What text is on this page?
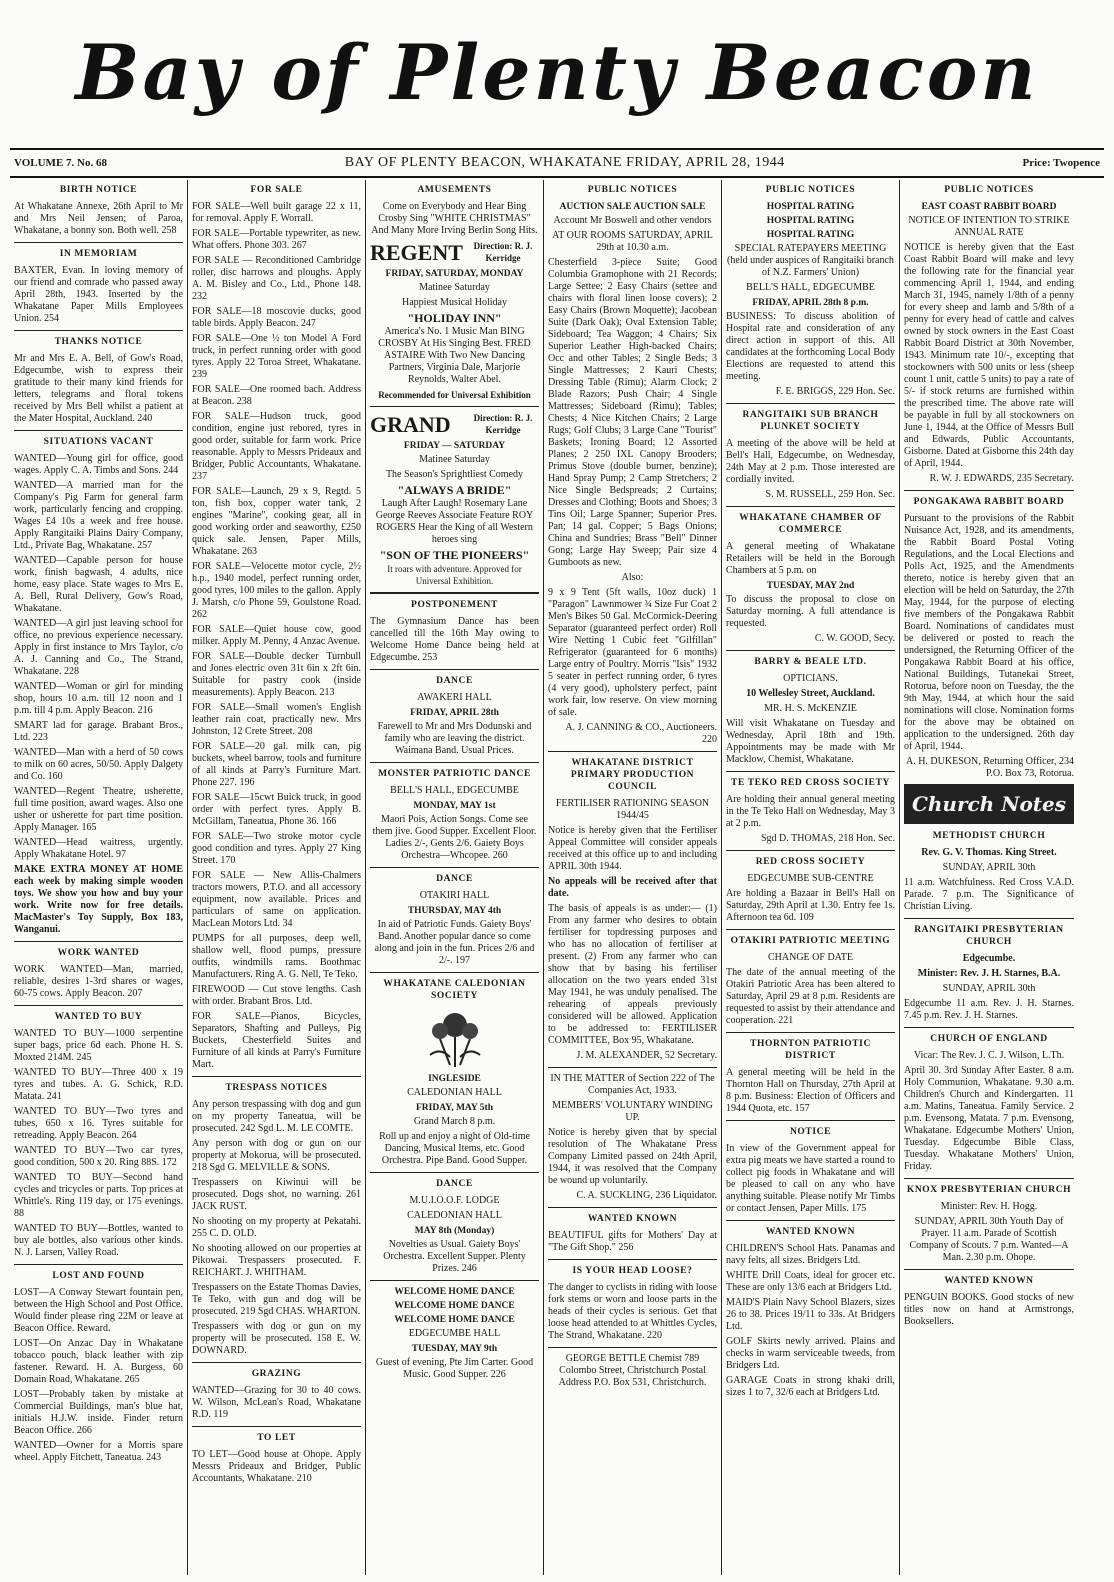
Bay of Plenty Beacon
VOLUME 7. No. 68	BAY OF PLENTY BEACON, WHAKATANE FRIDAY, APRIL 28, 1944	Price: Twopence
BIRTH NOTICE

At Whakatane Annexe, 26th April to Mr and Mrs Neil Jensen; of Paroa, Whakatane, a bonny son. Both well. 258

IN MEMORIAM

BAXTER, Evan. In loving memory of our friend and comrade who passed away April 28th, 1943. Inserted by the Whakatane Paper Mills Employees Union. 254

THANKS NOTICE

Mr and Mrs E. A. Bell, of Gow's Road, Edgecumbe, wish to express their gratitude to their many kind friends for letters, telegrams and floral tokens received by Mrs Bell whilst a patient at the Mater Hospital, Auckland. 240

SITUATIONS VACANT

WANTED—Young girl for office, good wages. Apply C. A. Timbs and Sons. 244

WANTED—A married man for the Company's Pig Farm for general farm work, particularly fencing and cropping. Wages £4 10s a week and free house. Apply Rangitaiki Plains Dairy Company, Ltd., Private Bag, Whakatane. 257

WANTED—Capable person for house work, finish bagwash, 4 adults, nice home, easy place. State wages to Mrs E. A. Bell, Rural Delivery, Gow's Road, Whakatane.

WANTED—A girl just leaving school for office, no previous experience necessary. Apply in first instance to Mrs Taylor, c/o A. J. Canning and Co., The Strand, Whakatane. 228

WANTED—Woman or girl for minding shop, hours 10 a.m. till 12 noon and 1 p.m. till 4 p.m. Apply Beacon. 216

SMART lad for garage. Brabant Bros., Ltd. 223

WANTED—Man with a herd of 50 cows to milk on 60 acres, 50/50. Apply Dalgety and Co. 160

WANTED—Regent Theatre, usherette, full time position, award wages. Also one usher or usherette for part time position. Apply Manager. 165

WANTED—Head waitress, urgently. Apply Whakatane Hotel. 97

MAKE EXTRA MONEY AT HOME each week by making simple wooden toys. We show you how and buy your work. Write now for free details. MacMaster's Toy Supply, Box 183, Wanganui.

WORK WANTED

WORK WANTED—Man, married, reliable, desires 1-3rd shares or wages, 60-75 cows. Apply Beacon. 207

WANTED TO BUY

WANTED TO BUY—1000 serpentine super bags, price 6d each. Phone H. S. Moxted 214M. 245

WANTED TO BUY—Three 400 x 19 tyres and tubes. A. G. Schick, R.D. Matata. 241

WANTED TO BUY—Two tyres and tubes, 650 x 16. Tyres suitable for retreading. Apply Beacon. 264

WANTED TO BUY—Two car tyres, good condition, 500 x 20. Ring 88S. 172

WANTED TO BUY—Second hand cycles and tricycles or parts. Top prices at Whittle's. Ring 119 day, or 175 evenings. 88

WANTED TO BUY—Bottles, wanted to buy ale bottles, also various other kinds. N. J. Larsen, Valley Road.

LOST AND FOUND

LOST—A Conway Stewart fountain pen, between the High School and Post Office. Would finder please ring 22M or leave at Beacon Office. Reward.

LOST—On Anzac Day in Whakatane tobacco pouch, black leather with zip fastener. Reward. H. A. Burgess, 60 Domain Road, Whakatane. 265

LOST—Probably taken by mistake at Commercial Buildings, man's blue hat, initials H.J.W. inside. Finder return Beacon Office. 266

WANTED—Owner for a Morris spare wheel. Apply Fitchett, Taneatua. 243

FOR SALE

FOR SALE—Well built garage 22 x 11, for removal. Apply F. Worrall.

FOR SALE—Portable typewriter, as new. What offers. Phone 303. 267

FOR SALE — Reconditioned Cambridge roller, disc harrows and ploughs. Apply A. M. Bisley and Co., Ltd., Phone 148. 232

FOR SALE—18 moscovie ducks, good table birds. Apply Beacon. 247

FOR SALE—One ½ ton Model A Ford truck, in perfect running order with good tyres. Apply 22 Toroa Street, Whakatane. 239

FOR SALE—One roomed bach. Address at Beacon. 238

FOR SALE—Hudson truck, good condition, engine just rebored, tyres in good order, suitable for farm work. Price reasonable. Apply to Messrs Prideaux and Bridger, Public Accountants, Whakatane. 237

FOR SALE—Launch, 29 x 9, Regtd. 5 ton, fish box, copper water tank, 2 engines "Marine", cooking gear, all in good working order and seaworthy, £250 quick sale. Jensen, Paper Mills, Whakatane. 263

FOR SALE—Velocette motor cycle, 2½ h.p., 1940 model, perfect running order, good tyres, 100 miles to the gallon. Apply J. Marsh, c/o Phone 59, Goulstone Road. 262

FOR SALE—Quiet house cow, good milker. Apply M. Penny, 4 Anzac Avenue.

FOR SALE—Double decker Turnbull and Jones electric oven 31t 6in x 2ft 6in. Suitable for pastry cook (inside measurements). Apply Beacon. 213

FOR SALE—Small women's English leather rain coat, practically new. Mrs Johnston, 12 Crete Street. 208

FOR SALE—20 gal. milk can, pig buckets, wheel barrow, tools and furniture of all kinds at Parry's Furniture Mart. Phone 227. 196

FOR SALE—15cwt Buick truck, in good order with perfect tyres. Apply B. McGillam, Taneatua, Phone 36. 166

FOR SALE—Two stroke motor cycle good condition and tyres. Apply 27 King Street. 170

FOR SALE — New Allis-Chalmers tractors mowers, P.T.O. and all accessory equipment, now available. Prices and particulars of same on application. MacLean Motors Ltd. 34

PUMPS for all purposes, deep well, shallow well, flood pumps, pressure outfits, windmills rams. Boothmac Manufacturers. Ring A. G. Nell, Te Teko.

FIREWOOD — Cut stove lengths. Cash with order. Brabant Bros. Ltd.

FOR SALE—Pianos, Bicycles, Separators, Shafting and Pulleys, Pig Buckets, Chesterfield Suites and Furniture of all kinds at Parry's Furniture Mart.

TRESPASS NOTICES

Any person trespassing with dog and gun on my property Taneatua, will be prosecuted. 242 Sgd L. M. LE COMTE.

Any person with dog or gun on our property at Mokorua, will be prosecuted. 218 Sgd G. MELVILLE & SONS.

Trespassers on Kiwinui will be prosecuted. Dogs shot, no warning. 261 JACK RUST.

No shooting on my property at Pekatahi. 255 C. D. OLD.

No shooting allowed on our properties at Pikowai. Trespassers prosecuted. F. REICHART. J. WHITHAM.

Trespassers on the Estate Thomas Davies, Te Teko, with gun and dog will be prosecuted. 219 Sgd CHAS. WHARTON.

Trespassers with dog or gun on my property will be prosecuted. 158 E. W. DOWNARD.

GRAZING

WANTED—Grazing for 30 to 40 cows. W. Wilson, McLean's Road, Whakatane R.D. 119

TO LET

TO LET—Good house at Ohope. Apply Messrs Prideaux and Bridger, Public Accountants, Whakatane. 210

AMUSEMENTS

Come on Everybody and Hear Bing Crosby Sing "WHITE CHRISTMAS" And Many More Irving Berlin Song Hits.

REGENT	Direction: R. J. Kerridge
FRIDAY, SATURDAY, MONDAY

Matinee Saturday

Happiest Musical Holiday

"HOLIDAY INN"

America's No. 1 Music Man BING CROSBY At His Singing Best. FRED ASTAIRE With Two New Dancing Partners, Virginia Dale, Marjorie Reynolds, Walter Abel.

Recommended for Universal Exhibition

GRAND	Direction: R. J. Kerridge
FRIDAY — SATURDAY

Matinee Saturday

The Season's Sprightliest Comedy

"ALWAYS A BRIDE"

Laugh After Laugh! Rosemary Lane George Reeves Associate Feature ROY ROGERS Hear the King of all Western heroes sing

"SON OF THE PIONEERS"

It roars with adventure. Approved for Universal Exhibition.

POSTPONEMENT

The Gymnasium Dance has been cancelled till the 16th May owing to Welcome Home Dance being held at Edgecumbe. 253

DANCE

AWAKERI HALL

FRIDAY, APRIL 28th

Farewell to Mr and Mrs Dodunski and family who are leaving the district. Waimana Band. Usual Prices.

MONSTER PATRIOTIC DANCE

BELL'S HALL, EDGECUMBE

MONDAY, MAY 1st

Maori Pois, Action Songs. Come see them jive. Good Supper. Excellent Floor. Ladies 2/-, Gents 2/6. Gaiety Boys Orchestra—Whcopee. 260

DANCE

OTAKIRI HALL

THURSDAY, MAY 4th

In aid of Patriotic Funds. Gaiety Boys' Band. Another popular dance so come along and join in the fun. Prices 2/6 and 2/-. 197

WHAKATANE CALEDONIAN SOCIETY
INGLESIDE

CALEDONIAN HALL

FRIDAY, MAY 5th

Grand March 8 p.m.

Roll up and enjoy a night of Old-time Dancing, Musical Items, etc. Good Orchestra. Pipe Band. Good Supper.

DANCE

M.U.I.O.O.F. LODGE

CALEDONIAN HALL

MAY 8th (Monday)

Novelties as Usual. Gaiety Boys' Orchestra. Excellent Supper. Plenty Prizes. 246

WELCOME HOME DANCE
WELCOME HOME DANCE
WELCOME HOME DANCE

EDGECUMBE HALL

TUESDAY, MAY 9th

Guest of evening, Pte Jim Carter. Good Music. Good Supper. 226

PUBLIC NOTICES
AUCTION SALE AUCTION SALE

Account Mr Boswell and other vendors

AT OUR ROOMS SATURDAY, APRIL 29th at 10.30 a.m.

Chesterfield 3-piece Suite; Good Columbia Gramophone with 21 Records; Large Settee; 2 Easy Chairs (settee and chairs with floral linen loose covers); 2 Easy Chairs (Brown Moquette); Jacobean Suite (Dark Oak); Oval Extension Table; Sideboard; Tea Waggon; 4 Chairs; Six Superior Leather High-backed Chairs; Occ and other Tables; 2 Single Beds; 3 Single Mattresses; 2 Kauri Chests; Dressing Table (Rimu); Alarm Clock; 2 Blade Razors; Push Chair; 4 Single Mattresses; Sideboard (Rimu); Tables; Chests; 4 Nice Kitchen Chairs; 2 Large Rugs; Golf Clubs; 3 Large Cane "Tourist" Baskets; Ironing Board; 12 Assorted Planes; 2 250 IXL Canopy Brooders; Primus Stove (double burner, benzine); Hand Spray Pump; 2 Camp Stretchers; 2 Nice Single Bedspreads; 2 Curtains; Dresses and Clothing; Boots and Shoes; 3 Tins Oil; Large Spanner; Superior Pres. Pan; 14 gal. Copper; 5 Bags Onions; China and Sundries; Brass "Bell" Dinner Gong; Large Hay Sweep; Pair size 4 Gumboots as new.

Also:

9 x 9 Tent (5ft walls, 10oz duck) 1 "Paragon" Lawnmower ¾ Size Fur Coat 2 Men's Bikes 50 Gal. McCormick-Deering Separator (guaranteed perfect order) Roll Wire Netting 1 Cubic feet "Gilfillan" Refrigerator (guaranteed for 6 months) Large entry of Poultry. Morris "Isis" 1932 5 seater in perfect running order, 6 tyres (4 very good), upholstery perfect, paint work fair, low reserve. On view morning of sale.

A. J. CANNING & CO., Auctioneers. 220

WHAKATANE DISTRICT PRIMARY PRODUCTION COUNCIL

FERTILISER RATIONING SEASON 1944/45

Notice is hereby given that the Fertiliser Appeal Committee will consider appeals received at this office up to and including APRIL 30th 1944.

No appeals will be received after that date.

The basis of appeals is as under:— (1) From any farmer who desires to obtain fertiliser for topdressing purposes and who has no allocation of fertiliser at present. (2) From any farmer who can show that by basing his fertiliser allocation on the two years ended 31st May 1941, he was unduly penalised. The rehearing of appeals previously considered will be allowed. Application to be addressed to: FERTILISER COMMITTEE, Box 95, Whakatane.

J. M. ALEXANDER, 52 Secretary.

IN THE MATTER of Section 222 of The Companies Act, 1933.

MEMBERS' VOLUNTARY WINDING UP.

Notice is hereby given that by special resolution of The Whakatane Press Company Limited passed on 24th April, 1944, it was resolved that the Company be wound up voluntarily.

C. A. SUCKLING, 236 Liquidator.

WANTED KNOWN

BEAUTIFUL gifts for Mothers' Day at "The Gift Shop." 256

IS YOUR HEAD LOOSE?

The danger to cyclists in riding with loose fork stems or worn and loose parts in the heads of their cycles is serious. Get that loose head attended to at Whittles Cycles, The Strand, Whakatane. 220

GEORGE BETTLE Chemist 789 Colombo Street, Christchurch Postal Address P.O. Box 531, Christchurch.

PUBLIC NOTICES
HOSPITAL RATING
HOSPITAL RATING
HOSPITAL RATING

SPECIAL RATEPAYERS MEETING (held under auspices of Rangitaiki branch of N.Z. Farmers' Union)

BELL'S HALL, EDGECUMBE

FRIDAY, APRIL 28th 8 p.m.

BUSINESS: To discuss abolition of Hospital rate and consideration of any direct action in support of this. All candidates at the forthcoming Local Body Elections are requested to attend this meeting.

F. E. BRIGGS, 229 Hon. Sec.

RANGITAIKI SUB BRANCH PLUNKET SOCIETY

A meeting of the above will be held at Bell's Hall, Edgecumbe, on Wednesday, 24th May at 2 p.m. Those interested are cordially invited.

S. M. RUSSELL, 259 Hon. Sec.

WHAKATANE CHAMBER OF COMMERCE

A general meeting of Whakatane Retailers will be held in the Borough Chambers at 5 p.m. on

TUESDAY, MAY 2nd

To discuss the proposal to close on Saturday morning. A full attendance is requested.

C. W. GOOD, Secy.

BARRY & BEALE LTD.

OPTICIANS.

10 Wellesley Street, Auckland.

MR. H. S. McKENZIE

Will visit Whakatane on Tuesday and Wednesday, April 18th and 19th. Appointments may be made with Mr Macklow, Chemist, Whakatane.

TE TEKO RED CROSS SOCIETY

Are holding their annual general meeting in the Te Teko Hall on Wednesday, May 3 at 2 p.m.

Sgd D. THOMAS, 218 Hon. Sec.

RED CROSS SOCIETY

EDGECUMBE SUB-CENTRE

Are holding a Bazaar in Bell's Hall on Saturday, 29th April at 1.30. Entry fee 1s. Afternoon tea 6d. 109

OTAKIRI PATRIOTIC MEETING

CHANGE OF DATE

The date of the annual meeting of the Otakiri Patriotic Area has been altered to Saturday, April 29 at 8 p.m. Residents are requested to assist by their attendance and cooperation. 221

THORNTON PATRIOTIC DISTRICT

A general meeting will be held in the Thornton Hall on Thursday, 27th April at 8 p.m. Business: Election of Officers and 1944 Quota, etc. 157

NOTICE

In view of the Government appeal for extra pig meats we have started a round to collect pig foods in Whakatane and will be pleased to call on any who have anything suitable. Please notify Mr Timbs or contact Jensen, Paper Mills. 175

WANTED KNOWN

CHILDREN'S School Hats. Panamas and navy felts, all sizes. Bridgers Ltd.

WHITE Drill Coats, ideal for grocer etc. These are only 13/6 each at Bridgers Ltd.

MAID'S Plain Navy School Blazers, sizes 26 to 38. Prices 19/11 to 33s. At Bridgers Ltd.

GOLF Skirts newly arrived. Plains and checks in warm serviceable tweeds, from Bridgers Ltd.

GARAGE Coats in strong khaki drill, sizes 1 to 7, 32/6 each at Bridgers Ltd.

PUBLIC NOTICES
EAST COAST RABBIT BOARD

NOTICE OF INTENTION TO STRIKE ANNUAL RATE

NOTICE is hereby given that the East Coast Rabbit Board will make and levy the following rate for the financial year commencing April 1, 1944, and ending March 31, 1945, namely 1/8th of a penny for every sheep and lamb and 5/8th of a penny for every head of cattle and calves owned by stock owners in the East Coast Rabbit Board District at 30th November, 1943. Minimum rate 10/-, excepting that stockowners with 500 units or less (sheep count 1 unit, cattle 5 units) to pay a rate of 5/- if stock returns are furnished within the prescribed time. The above rate will be payable in full by all stockowners on June 1, 1944, at the Office of Messrs Bull and Edwards, Public Accountants, Gisborne. Dated at Gisborne this 24th day of April, 1944.

R. W. J. EDWARDS, 235 Secretary.

PONGAKAWA RABBIT BOARD

Pursuant to the provisions of the Rabbit Nuisance Act, 1928, and its amendments, the Rabbit Board Postal Voting Regulations, and the Local Elections and Polls Act, 1925, and the Amendments thereto, notice is hereby given that an election will be held on Saturday, the 27th May, 1944, for the purpose of electing five members of the Pongakawa Rabbit Board. Nominations of candidates must be delivered or posted to reach the undersigned, the Returning Officer of the Pongakawa Rabbit Board at his office, National Buildings, Tutanekai Street, Rotorua, before noon on Tuesday, the the 9th May, 1944, at which hour the said nominations will close. Nomination forms for the above may be obtained on application to the undersigned. 26th day of April, 1944.

A. H. DUKESON, Returning Officer, 234 P.O. Box 73, Rotorua.

Church Notes
METHODIST CHURCH

Rev. G. V. Thomas. King Street.

SUNDAY, APRIL 30th

11 a.m. Watchfulness. Red Cross V.A.D. Parade. 7 p.m. The Significance of Christian Living.

RANGITAIKI PRESBYTERIAN CHURCH

Edgecumbe.

Minister: Rev. J. H. Starnes, B.A.

SUNDAY, APRIL 30th

Edgecumbe 11 a.m. Rev. J. H. Starnes. 7.45 p.m. Rev. J. H. Starnes.

CHURCH OF ENGLAND

Vicar: The Rev. J. C. J. Wilson, L.Th.

April 30. 3rd Sunday After Easter. 8 a.m. Holy Communion, Whakatane. 9.30 a.m. Children's Church and Kindergarten. 11 a.m. Matins, Taneatua. Family Service. 2 p.m. Evensong, Matata. 7 p.m. Evensong, Whakatane. Edgecumbe Mothers' Union, Tuesday. Edgecumbe Bible Class, Tuesday. Whakatane Mothers' Union, Friday.

KNOX PRESBYTERIAN CHURCH

Minister: Rev. H. Hogg.

SUNDAY, APRIL 30th Youth Day of Prayer. 11 a.m. Parade of Scottish Company of Scouts. 7 p.m. Wanted—A Man. 2.30 p.m. Ohope.

WANTED KNOWN

PENGUIN BOOKS. Good stocks of new titles now on hand at Armstrongs, Booksellers.
